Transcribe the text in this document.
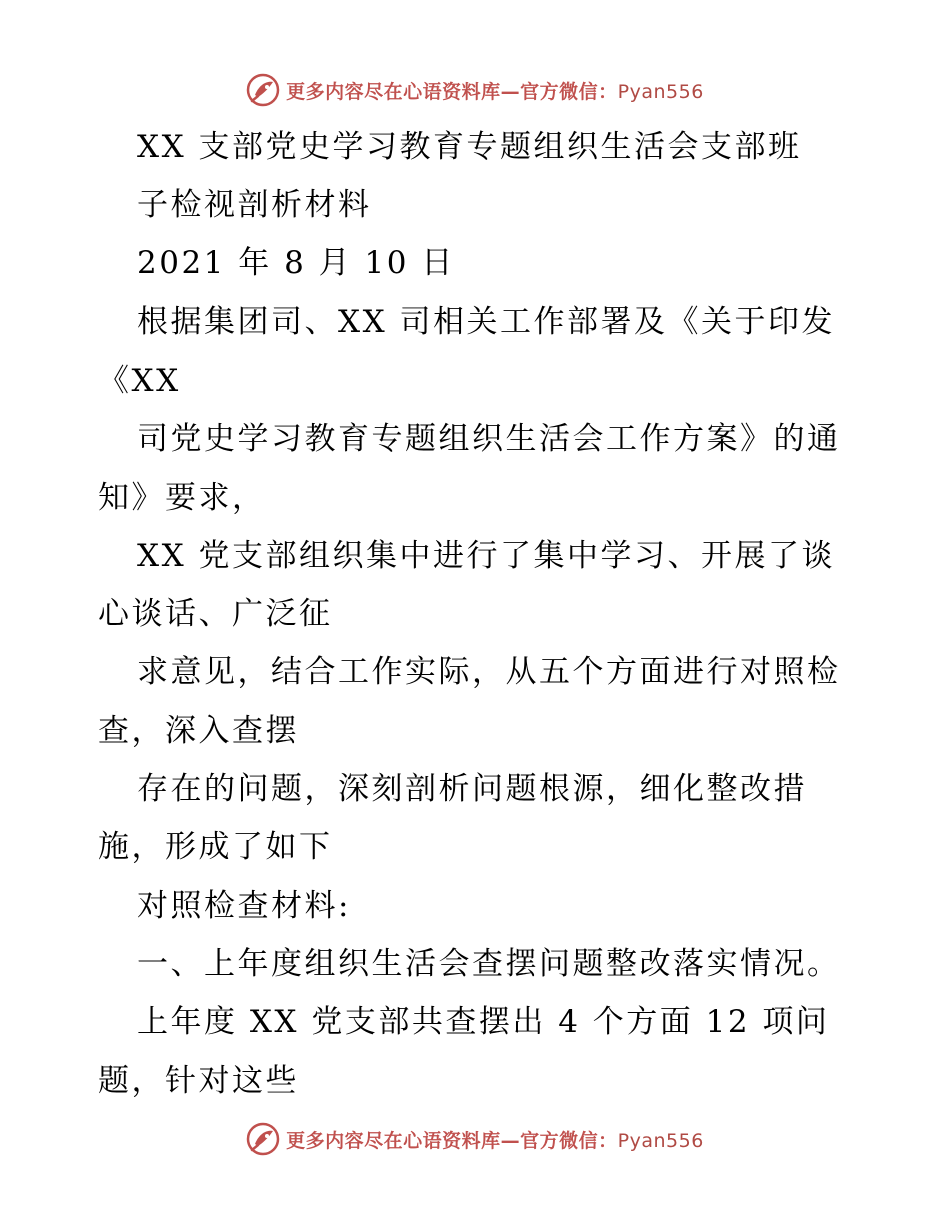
更多内容尽在心语资料库—官方微信：Pyan556
XX 支部党史学习教育专题组织生活会支部班
子检视剖析材料
2021 年 8 月 10 日
根据集团司、XX 司相关工作部署及《关于印发
《XX
司党史学习教育专题组织生活会工作方案》的通
知》要求，
XX 党支部组织集中进行了集中学习、开展了谈
心谈话、广泛征
求意见，结合工作实际，从五个方面进行对照检
查，深入查摆
存在的问题，深刻剖析问题根源，细化整改措
施，形成了如下
对照检查材料:
一、上年度组织生活会查摆问题整改落实情况。
上年度 XX 党支部共查摆出 4 个方面 12 项问
题，针对这些
更多内容尽在心语资料库—官方微信：Pyan556
